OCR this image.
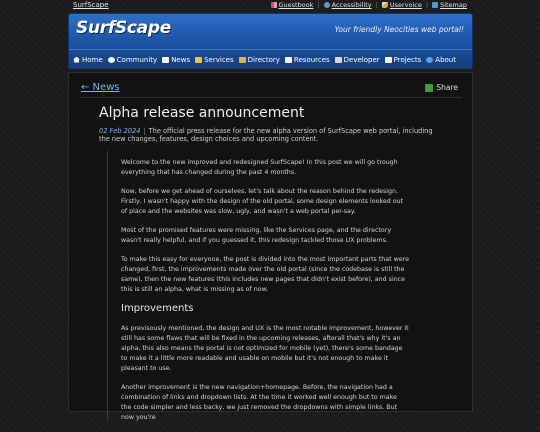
SurfScape	Guestbook | Accessibility | Uservoice | Sitemap
SurfScape	Your friendly Neocities web portal!
Home Community News Services Directory Resources Developer Projects About
← News	Share
Alpha release announcement
02 Feb 2024 | The official press release for the new alpha version of SurfScape web portal, including the new changes, features, design choices and upcoming content.

Welcome to the new improved and redesigned SurfScape! In this post we will go trough everything that has changed during the past 4 months.

Now, before we get ahead of ourselves, let's talk about the reason behind the redesign. Firstly, I wasn't happy with the design of the old portal, some design elements looked out of place and the websites was slow, ugly, and wasn't a web portal per-say.

Most of the promised features were missing, like the Services page, and the directory wasn't really helpful, and if you guessed it, this redesign tackled those UX problems.

To make this easy for everyone, the post is divided into the most important parts that were changed, first, the improvements made over the old portal (since the codebase is still the same), then the new features (this includes new pages that didn't exist before), and since this is still an alpha, what is missing as of now.

Improvements

As previsously mentioned, the design and UX is the most notable improvement, however it still has some flaws that will be fixed in the upcoming releases, afterall that's why it's an alpha, this also means the portal is not optimized for mobile (yet), there's some bandage to make it a little more readable and usable on mobile but it's not enough to make it pleasant to use.

Another improvement is the new navigation+homepage. Before, the navigation had a combination of links and dropdown lists. At the time it worked well enough but to make the code simpler and less backy, we just removed the dropdowns with simple links. But now you're
